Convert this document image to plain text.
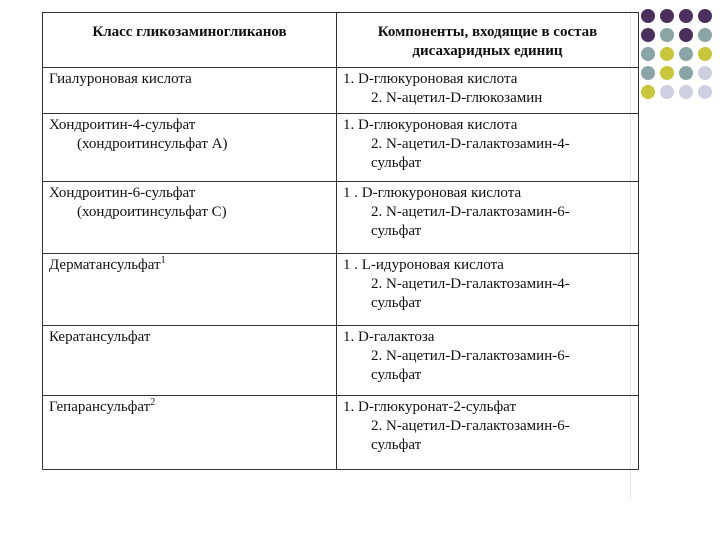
Класс гликозаминогликанов	Компоненты, входящие в состав
дисахаридных единиц

Гиалуроновая кислота	1. D-глюкуроновая кислота
2. N-ацетил-D-глюкозамин

Хондроитин-4-сульфат
(хондроитинсульфат А)	1. D-глюкуроновая кислота
2. N-ацетил-D-галактозамин-4-
сульфат

Хондроитин-6-сульфат
(хондроитинсульфат С)	1 . D-глюкуроновая кислота
2. N-ацетил-D-галактозамин-6-
сульфат

Дерматансульфат$^1$	1 . L-идуроновая кислота
2. N-ацетил-D-галактозамин-4-
сульфат

Кератансульфат	1. D-галактоза
2. N-ацетил-D-галактозамин-6-
сульфат

Гепарансульфат$^2$	1. D-глюкуронат-2-сульфат
2. N-ацетил-D-галактозамин-6-
сульфат
